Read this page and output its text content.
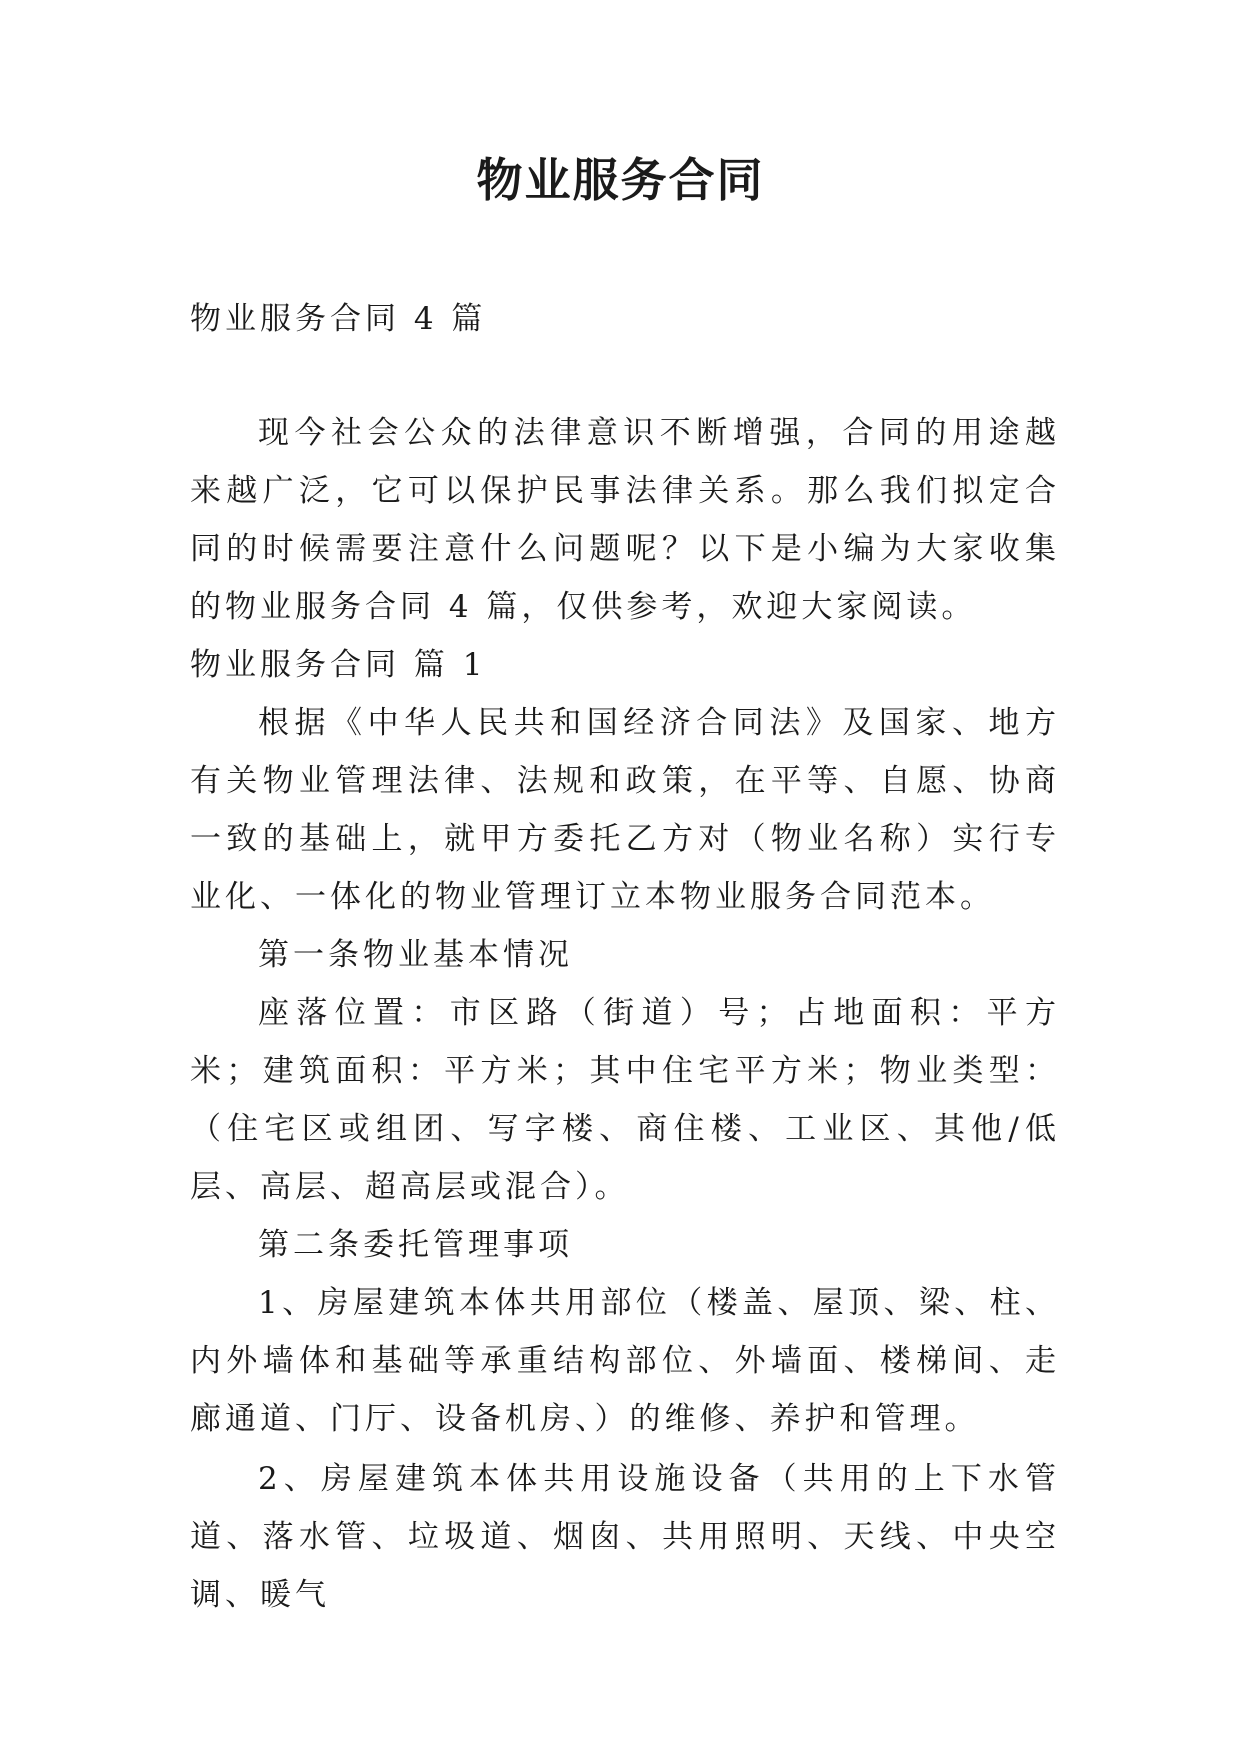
物业服务合同

物业服务合同 4 篇

现今社会公众的法律意识不断增强，合同的用途越来越广泛，它可以保护民事法律关系。那么我们拟定合同的时候需要注意什么问题呢？以下是小编为大家收集的物业服务合同 4 篇，仅供参考，欢迎大家阅读。

物业服务合同 篇 1

根据《中华人民共和国经济合同法》及国家、地方有关物业管理法律、法规和政策，在平等、自愿、协商一致的基础上，就甲方委托乙方对（物业名称）实行专业化、一体化的物业管理订立本物业服务合同范本。

第一条物业基本情况

座落位置：市区路（街道）号；占地面积：平方米；建筑面积：平方米；其中住宅平方米；物业类型：（住宅区或组团、写字楼、商住楼、工业区、其他/低层、高层、超高层或混合）。

第二条委托管理事项

1、房屋建筑本体共用部位（楼盖、屋顶、梁、柱、内外墙体和基础等承重结构部位、外墙面、楼梯间、走廊通道、门厅、设备机房、）的维修、养护和管理。

2、房屋建筑本体共用设施设备（共用的上下水管道、落水管、垃圾道、烟囱、共用照明、天线、中央空调、暖气
